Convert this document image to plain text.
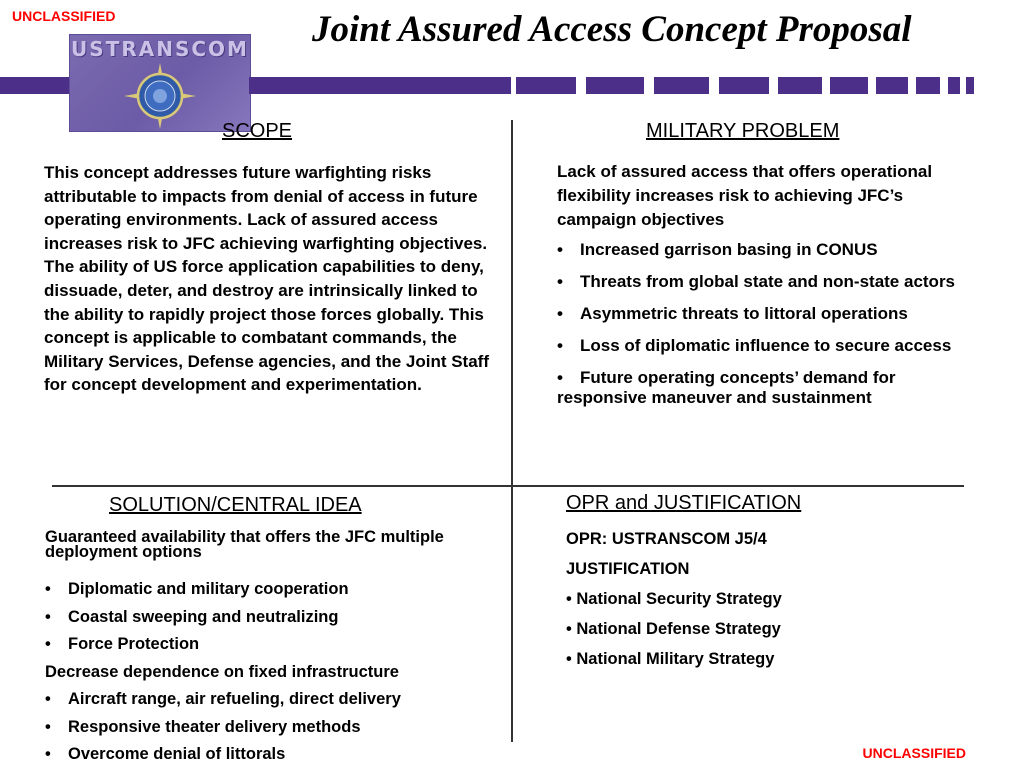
UNCLASSIFIED
USTRANSCOM Joint Assured Access Concept Proposal
SCOPE
This concept addresses future warfighting risks attributable to impacts from denial of access in future operating environments. Lack of assured access increases risk to JFC achieving warfighting objectives. The ability of US force application capabilities to deny, dissuade, deter, and destroy are intrinsically linked to the ability to rapidly project those forces globally. This concept is applicable to combatant commands, the Military Services, Defense agencies, and the Joint Staff for concept development and experimentation.
MILITARY PROBLEM
Lack of assured access that offers operational flexibility increases risk to achieving JFC’s campaign objectives
• Increased garrison basing in CONUS
• Threats from global state and non-state actors
• Asymmetric threats to littoral operations
• Loss of diplomatic influence to secure access
• Future operating concepts’ demand for responsive maneuver and sustainment
SOLUTION/CENTRAL IDEA
Guaranteed availability that offers the JFC multiple deployment options
• Diplomatic and military cooperation
• Coastal sweeping and neutralizing
• Force Protection
Decrease dependence on fixed infrastructure
• Aircraft range, air refueling, direct delivery
• Responsive theater delivery methods
• Overcome denial of littorals
OPR and JUSTIFICATION
OPR: USTRANSCOM J5/4
JUSTIFICATION
• National Security Strategy
• National Defense Strategy
• National Military Strategy
UNCLASSIFIED
